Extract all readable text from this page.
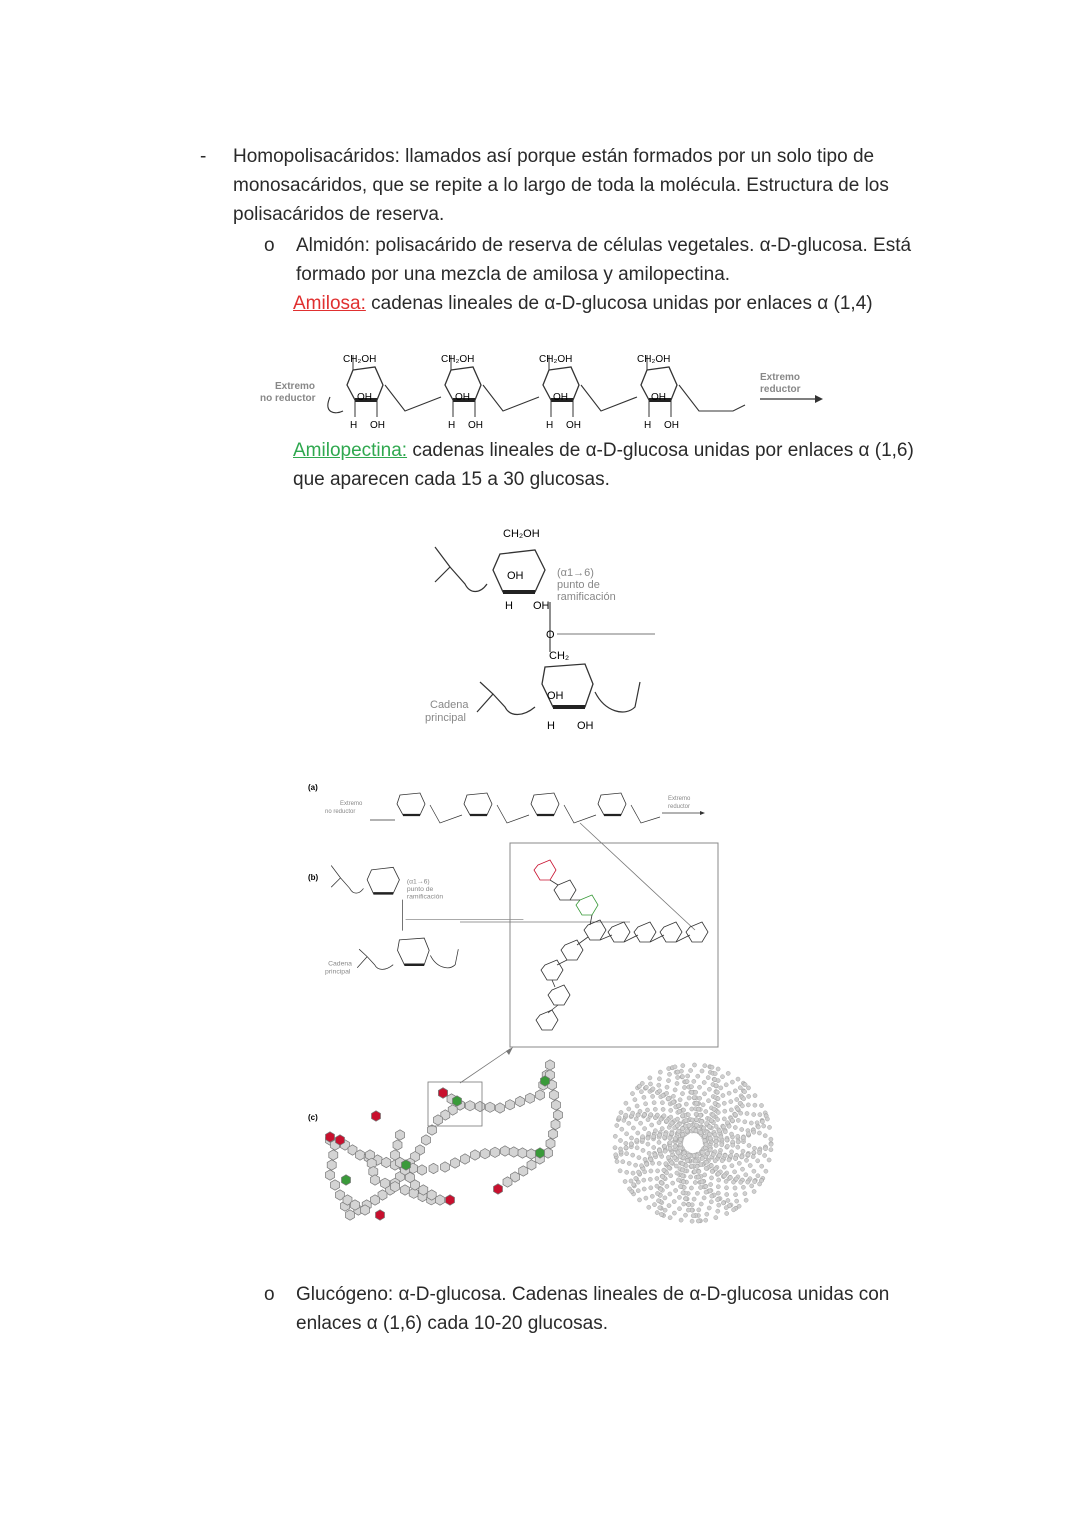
- Homopolisacáridos: llamados así porque están formados por un solo tipo de
monosacáridos, que se repite a lo largo de toda la molécula. Estructura de los
polisacáridos de reserva.
o Almidón: polisacárido de reserva de células vegetales. α-D-glucosa. Está
formado por una mezcla de amilosa y amilopectina.
Amilosa: cadenas lineales de α-D-glucosa unidas por enlaces α (1,4)
Extremo
no reductor
Extremo
reductor
CH₂OH
OH
H OH
CH₂OH
OH
H OH
CH₂OH
OH
H OH
CH₂OH
OH
H OH
Amilopectina: cadenas lineales de α-D-glucosa unidas por enlaces α (1,6)
que aparecen cada 15 a 30 glucosas.
CH₂OH
OH
H OH
(α1→6)
punto de
ramificación
O
CH₂
OH
H OH
Cadena
principal
(a)
(b)
(c)
Extremo
no reductor
Extremo
reductor
(α1→6)
punto de
ramificación
Cadena
principal
o Glucógeno: α-D-glucosa. Cadenas lineales de α-D-glucosa unidas con
enlaces α (1,6) cada 10-20 glucosas.
